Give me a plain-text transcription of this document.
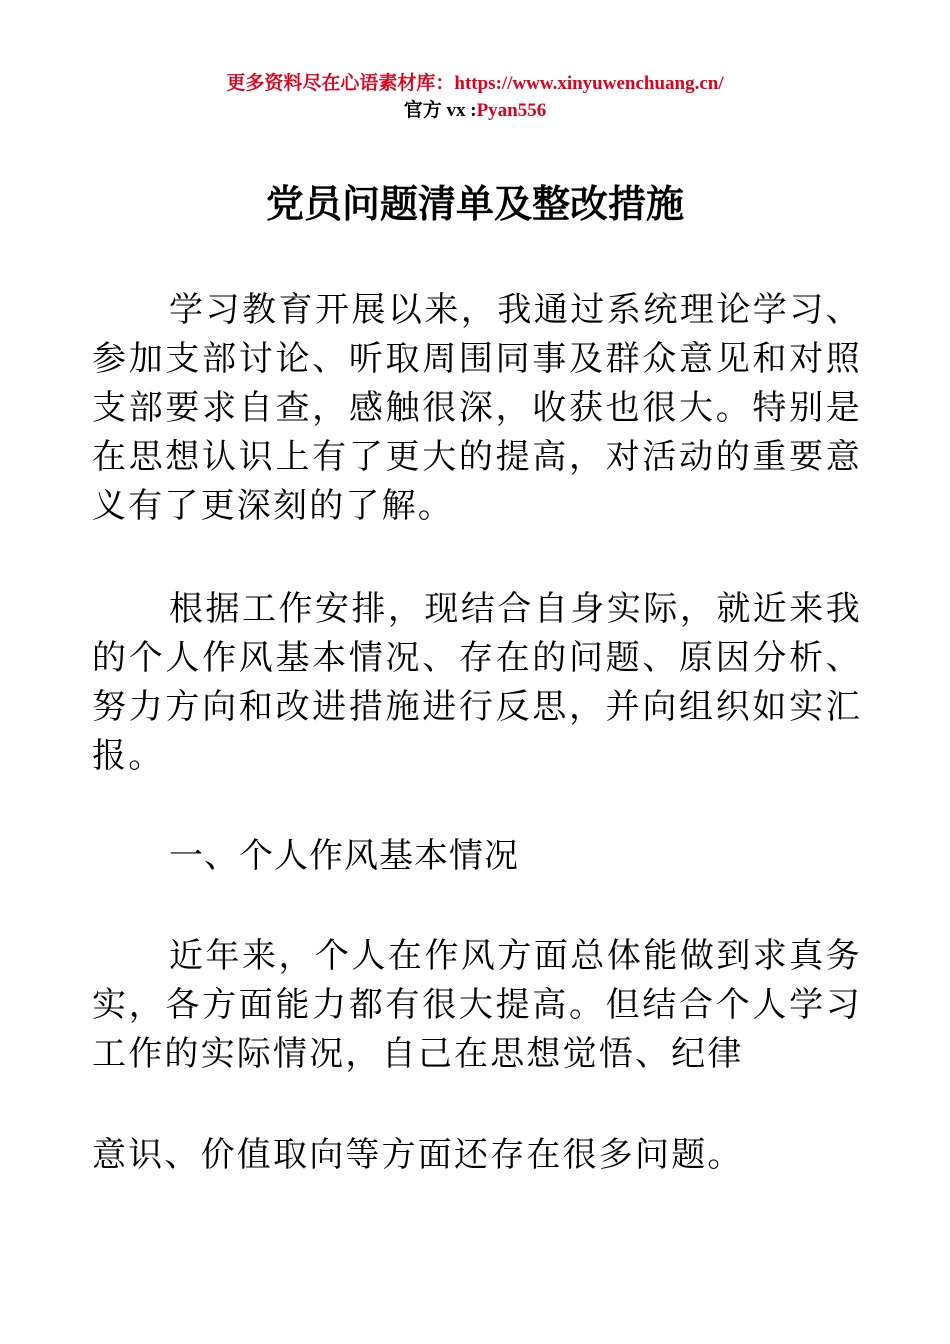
更多资料尽在心语素材库：https://www.xinyuwenchuang.cn/
官方 vx :Pyan556
党员问题清单及整改措施

学习教育开展以来，我通过系统理论学习、参加支部讨论、听取周围同事及群众意见和对照支部要求自查，感触很深，收获也很大。特别是在思想认识上有了更大的提高，对活动的重要意义有了更深刻的了解。

根据工作安排，现结合自身实际，就近来我的个人作风基本情况、存在的问题、原因分析、努力方向和改进措施进行反思，并向组织如实汇报。

一、个人作风基本情况

近年来，个人在作风方面总体能做到求真务实，各方面能力都有很大提高。但结合个人学习工作的实际情况，自己在思想觉悟、纪律

意识、价值取向等方面还存在很多问题。
